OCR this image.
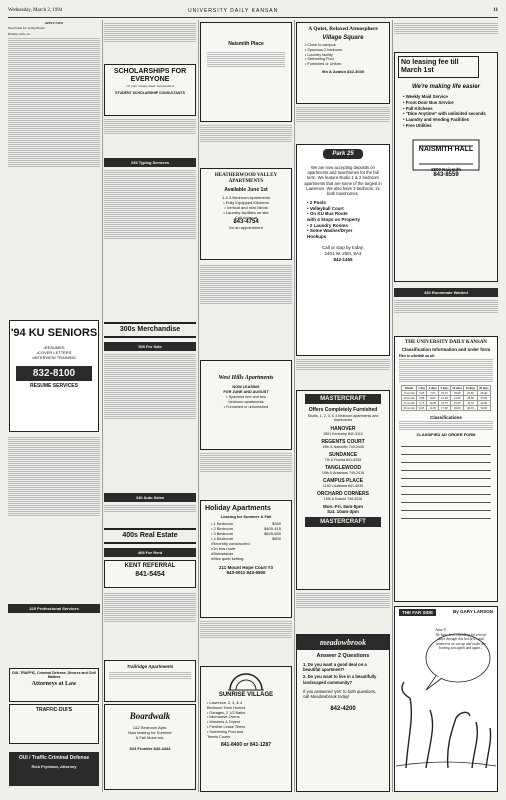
Wednesday, March 2, 1994	UNIVERSITY DAILY KANSAN	11

APPLY NOW

Need funds for Spring Break?

Holiday Gifts, etc.

'94 KU SENIORS
•RESUMES
•COVER LETTERS
•INTERVIEW TRAINING
832-8100
RESUME SERVICES
225 Professional Services
OUL TRAFFIC, Criminal Defense, Divorce and Civil Matters
Attorneys at Law
TRAFFIC-DUI'S
OUI / Traffic Criminal Defense
Rick Frydman, Attorney
SCHOLARSHIPS FOR EVERYONE
Or your money back. Guaranteed
STUDENT SCHOLARSHIP CONSULTANTS
235 Typing Services
300s Merchandise
305 For Sale
340 Auto Sales
400s Real Estate
405 For Rent
KENT REFERRAL
841-5454
Trailridge Apartments
Boardwalk
1&2 Bedroom Apts.
Now leasing for Summer
& Fall Move-ins.
524 Frontier 842-4444
Naismith Place
HEATHERWOOD VALLEY APARTMENTS
Available June 1st
1-2-3 Bedroom Apartments
• Fully Equipped Kitchens
• Vertical and mini blinds
• Laundry facilities on site
Call today at
843-4754
for an appointment
West Hills Apartments
NOW LEASING
FOR JUNE AND AUGUST
• Spacious one and two
bedroom apartments
• Furnished or unfurnished
Holiday Apartments
Leasing for Summer & Fall
• 1 Bedroom	$340
• 2 Bedroom	$400-415
• 3 Bedroom	$625-650
• 4 Bedroom	$800
•Recently constructed
•On bus route
•Dishwasher
•Mice quiet setting
211 Mount Hope Court #3
843-0011 843-6500
SUNRISE VILLAGE
• Lawrence, 2, 3, & 4
Bedroom Town Homes
• Garages, 2 1/2 Baths
• Microwave Ovens
• Washers & Dryers
• Flexible Lease Terms
• Swimming Pool and
Tennis Courts
841-8400 or 841-1287
A Quiet, Relaxed Atmosphere
Village Square
• Close to campus
• Spacious 2 bedroom
• Laundry facility
• Swimming Pool
• Furnished or Unfurn.
9th & Avalon 842-3040
Park 25
We are now accepting deposits on apartments and townhomes for the fall term. We feature studio 1 & 2 bedroom apartments that are some of the largest in Lawrence. We also have 3 bedroom, 2x bath townhomes.
• 2 Pools
• Volleyball Court
• On KU Bus Route
with 4 Stops on Property
• 2 Laundry Rooms
• Some Washer/Dryer
Hookups
Call or stop by today.
2401 W. 25th, 9A3
842-1455
MASTERCRAFT
Offers Completely Furnished
Studio, 1, 2, 3, & 4 bedroom apartments and townhomes
HANOVER
1501 Kentucky 841-3112
REGENTS COURT
19th & Naismith 749-0445
SUNDANCE
7th & Florida 841-5255
TANGLEWOOD
19th & Arkansas 749-2415
CAMPUS PLACE
1140 Louisiana 841-4935
ORCHARD CORNERS
15th & Kasold 749-4226
Mon.-Fri. 9am-5pm
Sat. 10am-3pm
MASTERCRAFT
meadowbrook
Answer 2 Questions
1. Do you want a good deal on a beautiful apartment?
2. Do you want to live in a beautifully landscaped community?
If you answered 'yes' to both questions, call Meadowbrook today!
842-4200
No leasing fee till March 1st
We're making life easier
• Weekly Maid Service
• Front Door Bus Service
• Full Kitchens
• "Dine Anytime" with unlimited seconds
• Laundry and Vending Facilities
• Free Utilities
NAISMITH HALL
1800 Naismith
843-8559
430 Roommate Wanted
THE UNIVERSITY DAILY KANSAN
Classification Information and order form
How to schedule an ad:
Words	1 day	3 days	5 days	10 days	15 days	20 days
15 words	3.95	7.05	10.15	16.90	22.85	28.40
20 words	4.80	8.60	12.40	21.00	28.60	35.60
25 words	5.75	10.20	14.75	25.00	34.35	42.80
30 words	6.65	11.85	17.00	29.00	40.05	50.00
Classifications
CLASSIFIED AD ORDER FORM
THE FAR SIDE	By GARY LARSON
June 9
We have been marching for several days through this hot hell—and tomorrow we are up and under the beating sun again and again...
